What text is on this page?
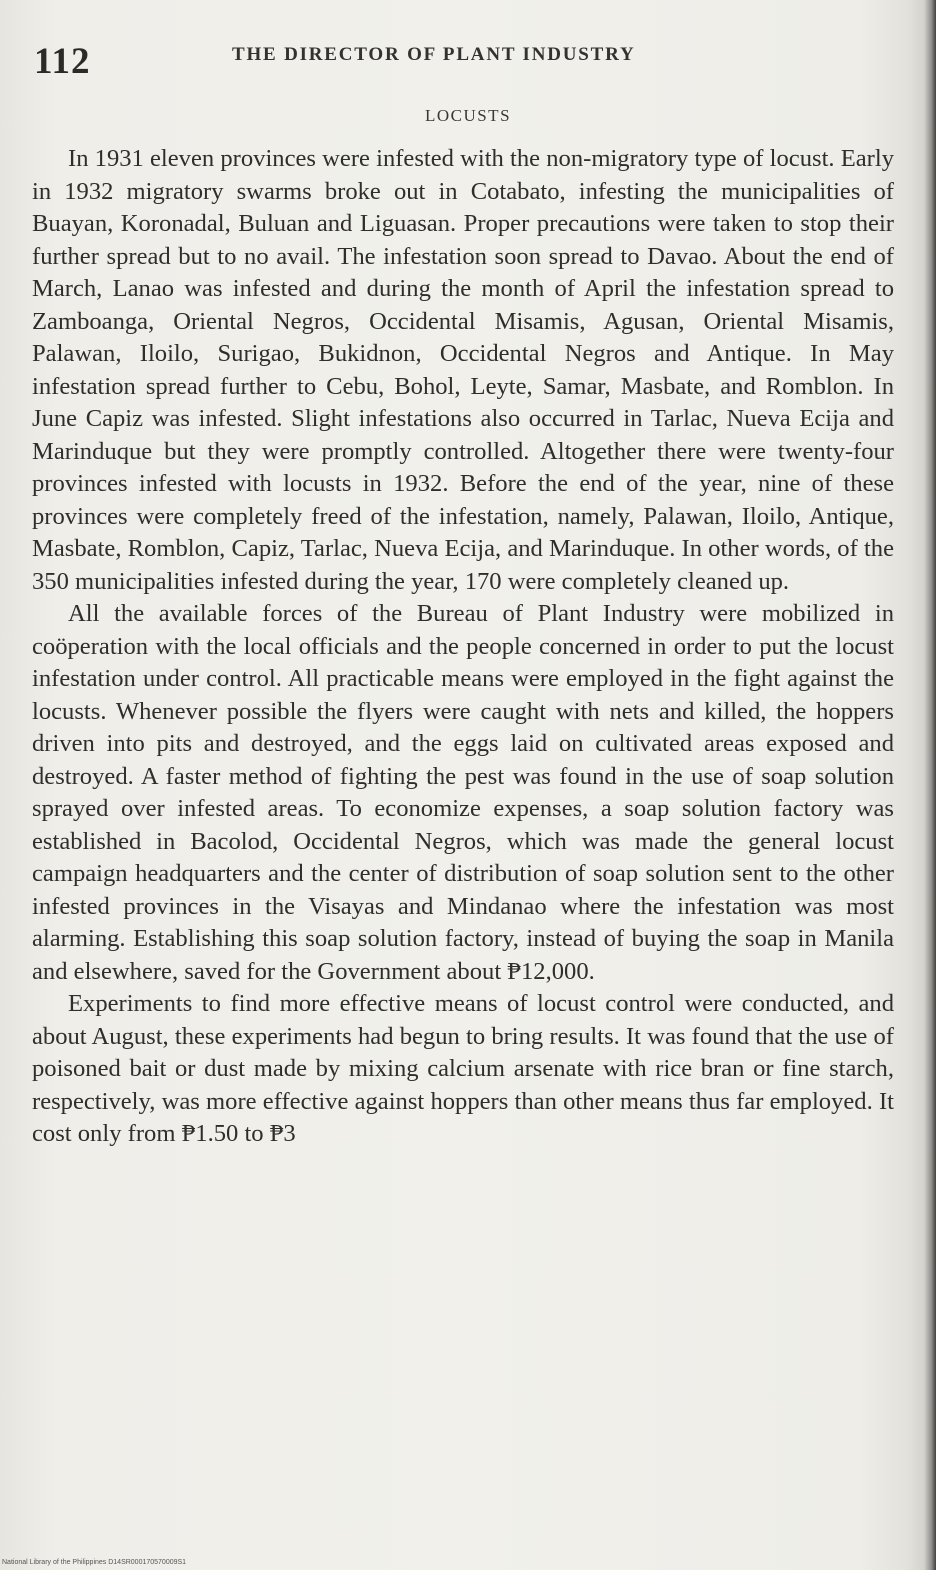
112	THE DIRECTOR OF PLANT INDUSTRY
LOCUSTS

In 1931 eleven provinces were infested with the non-migratory type of locust. Early in 1932 migratory swarms broke out in Cotabato, infesting the municipalities of Buayan, Koronadal, Buluan and Liguasan. Proper precautions were taken to stop their further spread but to no avail. The infestation soon spread to Davao. About the end of March, Lanao was infested and during the month of April the infestation spread to Zamboanga, Oriental Negros, Occidental Misamis, Agusan, Oriental Misamis, Palawan, Iloilo, Surigao, Bukidnon, Occidental Negros and Antique. In May infestation spread further to Cebu, Bohol, Leyte, Samar, Masbate, and Romblon. In June Capiz was infested. Slight infestations also occurred in Tarlac, Nueva Ecija and Marinduque but they were promptly controlled. Altogether there were twenty-four provinces infested with locusts in 1932. Before the end of the year, nine of these provinces were completely freed of the infestation, namely, Palawan, Iloilo, Antique, Masbate, Romblon, Capiz, Tarlac, Nueva Ecija, and Marinduque. In other words, of the 350 municipalities infested during the year, 170 were completely cleaned up.

All the available forces of the Bureau of Plant Industry were mobilized in coöperation with the local officials and the people concerned in order to put the locust infestation under control. All practicable means were employed in the fight against the locusts. Whenever possible the flyers were caught with nets and killed, the hoppers driven into pits and destroyed, and the eggs laid on cultivated areas exposed and destroyed. A faster method of fighting the pest was found in the use of soap solution sprayed over infested areas. To economize expenses, a soap solution factory was established in Bacolod, Occidental Negros, which was made the general locust campaign headquarters and the center of distribution of soap solution sent to the other infested provinces in the Visayas and Mindanao where the infestation was most alarming. Establishing this soap solution factory, instead of buying the soap in Manila and elsewhere, saved for the Government about ₱12,000.

Experiments to find more effective means of locust control were conducted, and about August, these experiments had begun to bring results. It was found that the use of poisoned bait or dust made by mixing calcium arsenate with rice bran or fine starch, respectively, was more effective against hoppers than other means thus far employed. It cost only from ₱1.50 to ₱3

National Library of the Philippines D14SR000170570009S1
